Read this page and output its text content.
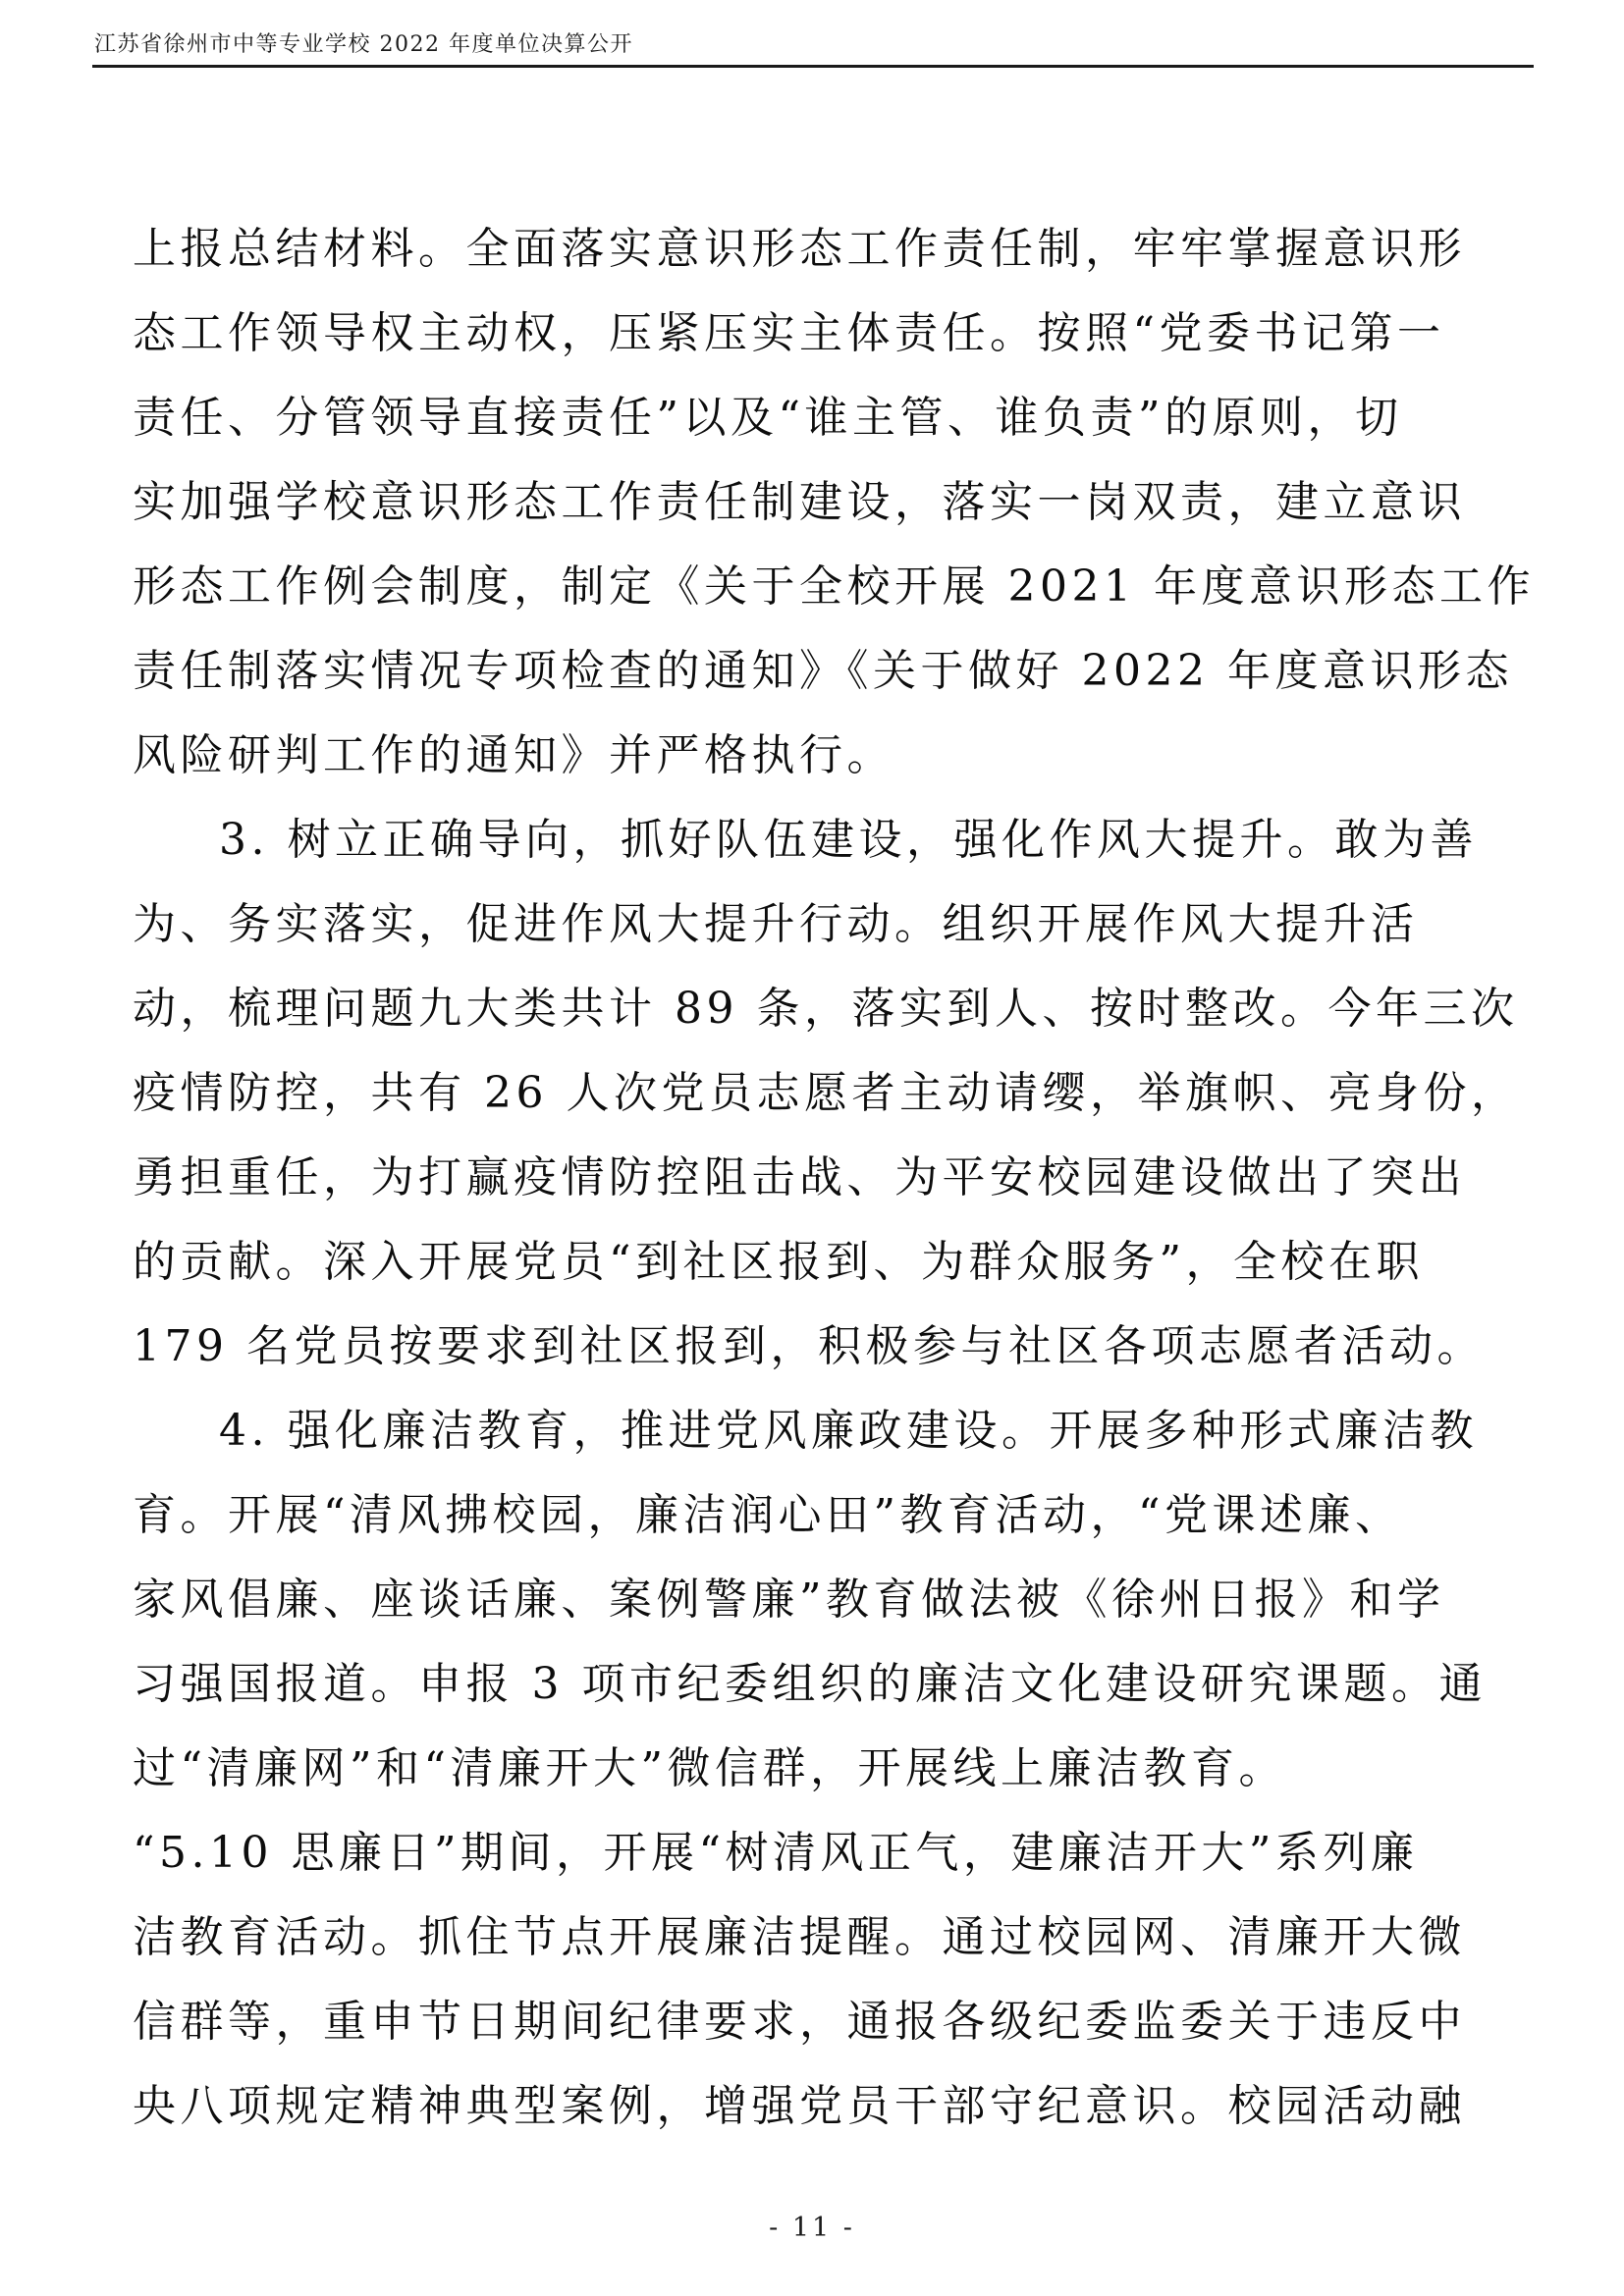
江苏省徐州市中等专业学校 2022 年度单位决算公开
上报总结材料。全面落实意识形态工作责任制，牢牢掌握意识形
态工作领导权主动权，压紧压实主体责任。按照“党委书记第一
责任、分管领导直接责任”以及“谁主管、谁负责”的原则，切
实加强学校意识形态工作责任制建设，落实一岗双责，建立意识
形态工作例会制度，制定《关于全校开展 2021 年度意识形态工作
责任制落实情况专项检查的通知》《关于做好 2022 年度意识形态
风险研判工作的通知》并严格执行。
3. 树立正确导向，抓好队伍建设，强化作风大提升。敢为善
为、务实落实，促进作风大提升行动。组织开展作风大提升活
动，梳理问题九大类共计 89 条，落实到人、按时整改。今年三次
疫情防控，共有 26 人次党员志愿者主动请缨，举旗帜、亮身份，
勇担重任，为打赢疫情防控阻击战、为平安校园建设做出了突出
的贡献。深入开展党员“到社区报到、为群众服务”，全校在职
179 名党员按要求到社区报到，积极参与社区各项志愿者活动。
4. 强化廉洁教育，推进党风廉政建设。开展多种形式廉洁教
育。开展“清风拂校园，廉洁润心田”教育活动，“党课述廉、
家风倡廉、座谈话廉、案例警廉”教育做法被《徐州日报》和学
习强国报道。申报 3 项市纪委组织的廉洁文化建设研究课题。通
过“清廉网”和“清廉开大”微信群，开展线上廉洁教育。
“5.10 思廉日”期间，开展“树清风正气，建廉洁开大”系列廉
洁教育活动。抓住节点开展廉洁提醒。通过校园网、清廉开大微
信群等，重申节日期间纪律要求，通报各级纪委监委关于违反中
央八项规定精神典型案例，增强党员干部守纪意识。校园活动融
- 11 -
